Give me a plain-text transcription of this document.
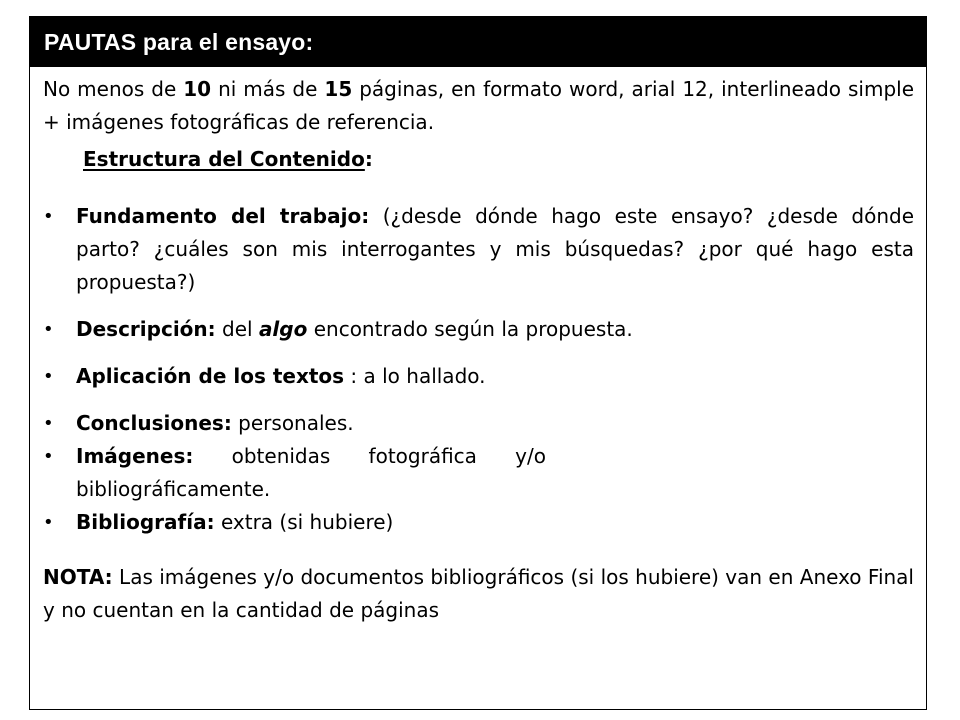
PAUTAS para el ensayo:

No menos de 10 ni más de 15 páginas, en formato word, arial 12, interlineado simple + imágenes fotográficas de referencia.

Estructura del Contenido:
• Fundamento del trabajo: (¿desde dónde hago este ensayo? ¿desde dónde parto? ¿cuáles son mis interrogantes y mis búsquedas? ¿por qué hago esta propuesta?)
• Descripción: del algo encontrado según la propuesta.
• Aplicación de los textos : a lo hallado.
• Conclusiones: personales.
• Imágenes: obtenidas fotográfica y/o bibliográficamente.
• Bibliografía: extra (si hubiere)
NOTA: Las imágenes y/o documentos bibliográficos (si los hubiere) van en Anexo Final y no cuentan en la cantidad de páginas
